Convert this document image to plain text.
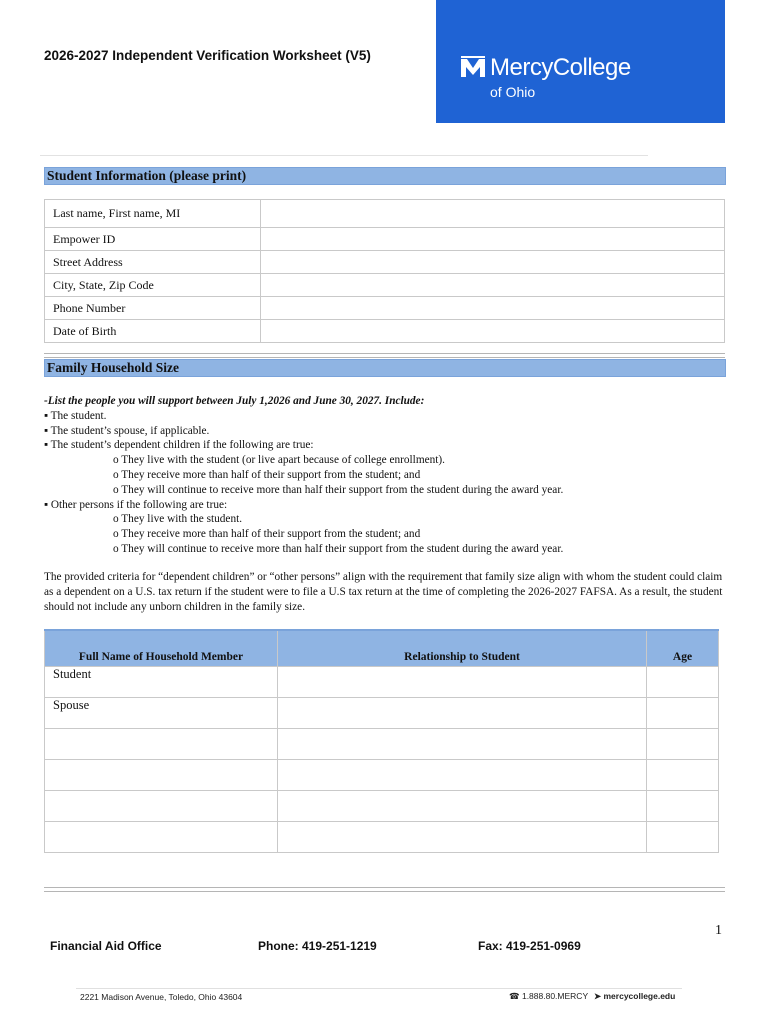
2026-2027 Independent Verification Worksheet (V5)	MercyCollege
of Ohio
Student Information (please print)
Last name, First name, MI	
Empower ID	
Street Address	
City, State, Zip Code	
Phone Number	
Date of Birth	
Family Household Size
-List the people you will support between July 1,2026 and June 30, 2027. Include:
▪ The student.
▪ The student’s spouse, if applicable.
▪ The student’s dependent children if the following are true:
o They live with the student (or live apart because of college enrollment).
o They receive more than half of their support from the student; and
o They will continue to receive more than half their support from the student during the award year.
▪ Other persons if the following are true:
o They live with the student.
o They receive more than half of their support from the student; and
o They will continue to receive more than half their support from the student during the award year.
The provided criteria for “dependent children” or “other persons” align with the requirement that family size align with whom the student could claim as a dependent on a U.S. tax return if the student were to file a U.S tax return at the time of completing the 2026-2027 FAFSA. As a result, the student should not include any unborn children in the family size.
Full Name of Household Member	Relationship to Student	Age
Student		
Spouse		

1
Financial Aid Office	Phone: 419-251-1219	Fax: 419-251-0969
2221 Madison Avenue, Toledo, Ohio 43604	☎ 1.888.80.MERCY ➤ mercycollege.edu
